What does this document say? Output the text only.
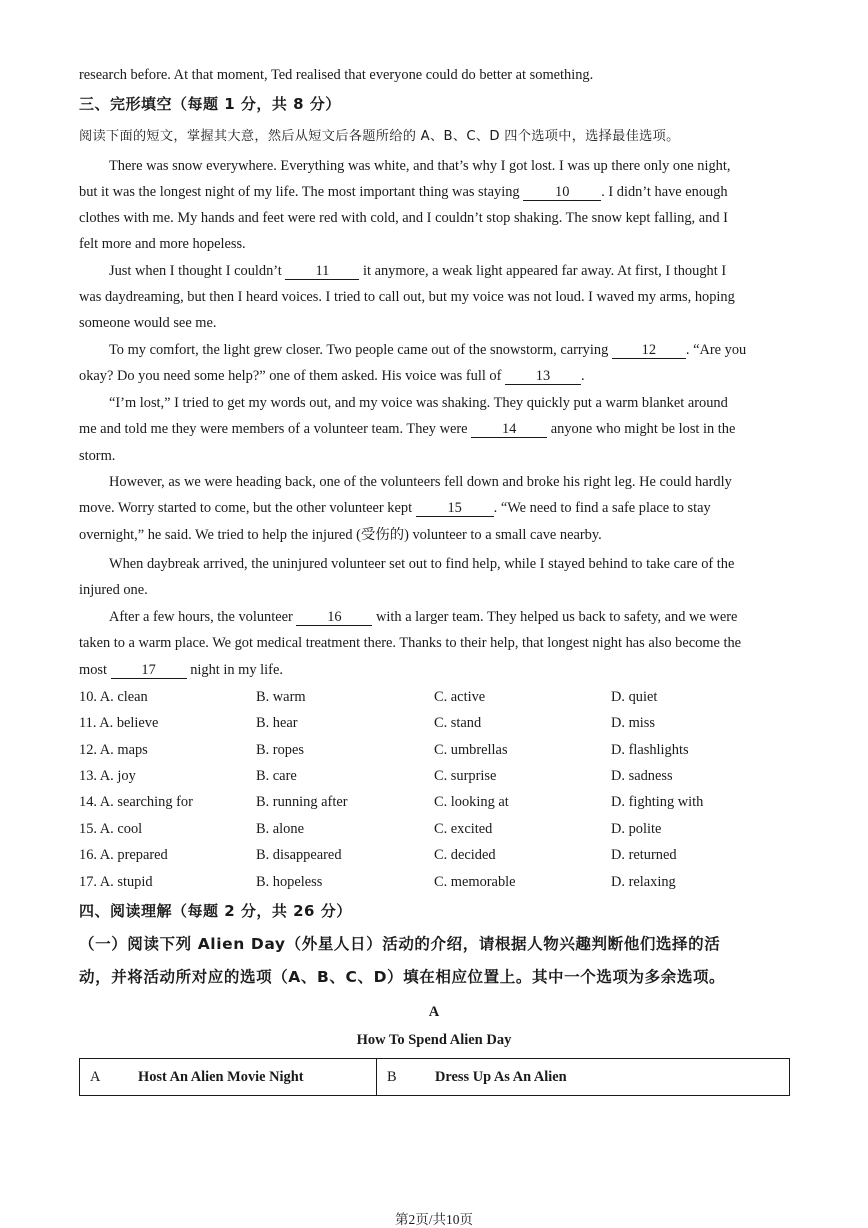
research before. At that moment, Ted realised that everyone could do better at something.
三、完形填空（每题 1 分，共 8 分）
阅读下面的短文，掌握其大意，然后从短文后各题所给的 A、B、C、D 四个选项中，选择最佳选项。
There was snow everywhere. Everything was white, and that’s why I got lost. I was up there only one night,
but it was the longest night of my life. The most important thing was staying 10 . I didn’t have enough
clothes with me. My hands and feet were red with cold, and I couldn’t stop shaking. The snow kept falling, and I
felt more and more hopeless.
Just when I thought I couldn’t 11 it anymore, a weak light appeared far away. At first, I thought I
was daydreaming, but then I heard voices. I tried to call out, but my voice was not loud. I waved my arms, hoping
someone would see me.
To my comfort, the light grew closer. Two people came out of the snowstorm, carrying 12 . “Are you
okay? Do you need some help?” one of them asked. His voice was full of 13 .
“I’m lost,” I tried to get my words out, and my voice was shaking. They quickly put a warm blanket around
me and told me they were members of a volunteer team. They were 14 anyone who might be lost in the
storm.
However, as we were heading back, one of the volunteers fell down and broke his right leg. He could hardly
move. Worry started to come, but the other volunteer kept 15 . “We need to find a safe place to stay
overnight,” he said. We tried to help the injured (受伤的) volunteer to a small cave nearby.
When daybreak arrived, the uninjured volunteer set out to find help, while I stayed behind to take care of the
injured one.
After a few hours, the volunteer 16 with a larger team. They helped us back to safety, and we were
taken to a warm place. We got medical treatment there. Thanks to their help, that longest night has also become the
most 17 night in my life.
10. A. clean	B. warm	C. active	D. quiet
11. A. believe	B. hear	C. stand	D. miss
12. A. maps	B. ropes	C. umbrellas	D. flashlights
13. A. joy	B. care	C. surprise	D. sadness
14. A. searching for	B. running after	C. looking at	D. fighting with
15. A. cool	B. alone	C. excited	D. polite
16. A. prepared	B. disappeared	C. decided	D. returned
17. A. stupid	B. hopeless	C. memorable	D. relaxing
四、阅读理解（每题 2 分，共 26 分）
（一）阅读下列 Alien Day（外星人日）活动的介绍，请根据人物兴趣判断他们选择的活
动，并将活动所对应的选项（A、B、C、D）填在相应位置上。其中一个选项为多余选项。
A
How To Spend Alien Day
A	Host An Alien Movie Night	B	Dress Up As An Alien
第2页/共10页
